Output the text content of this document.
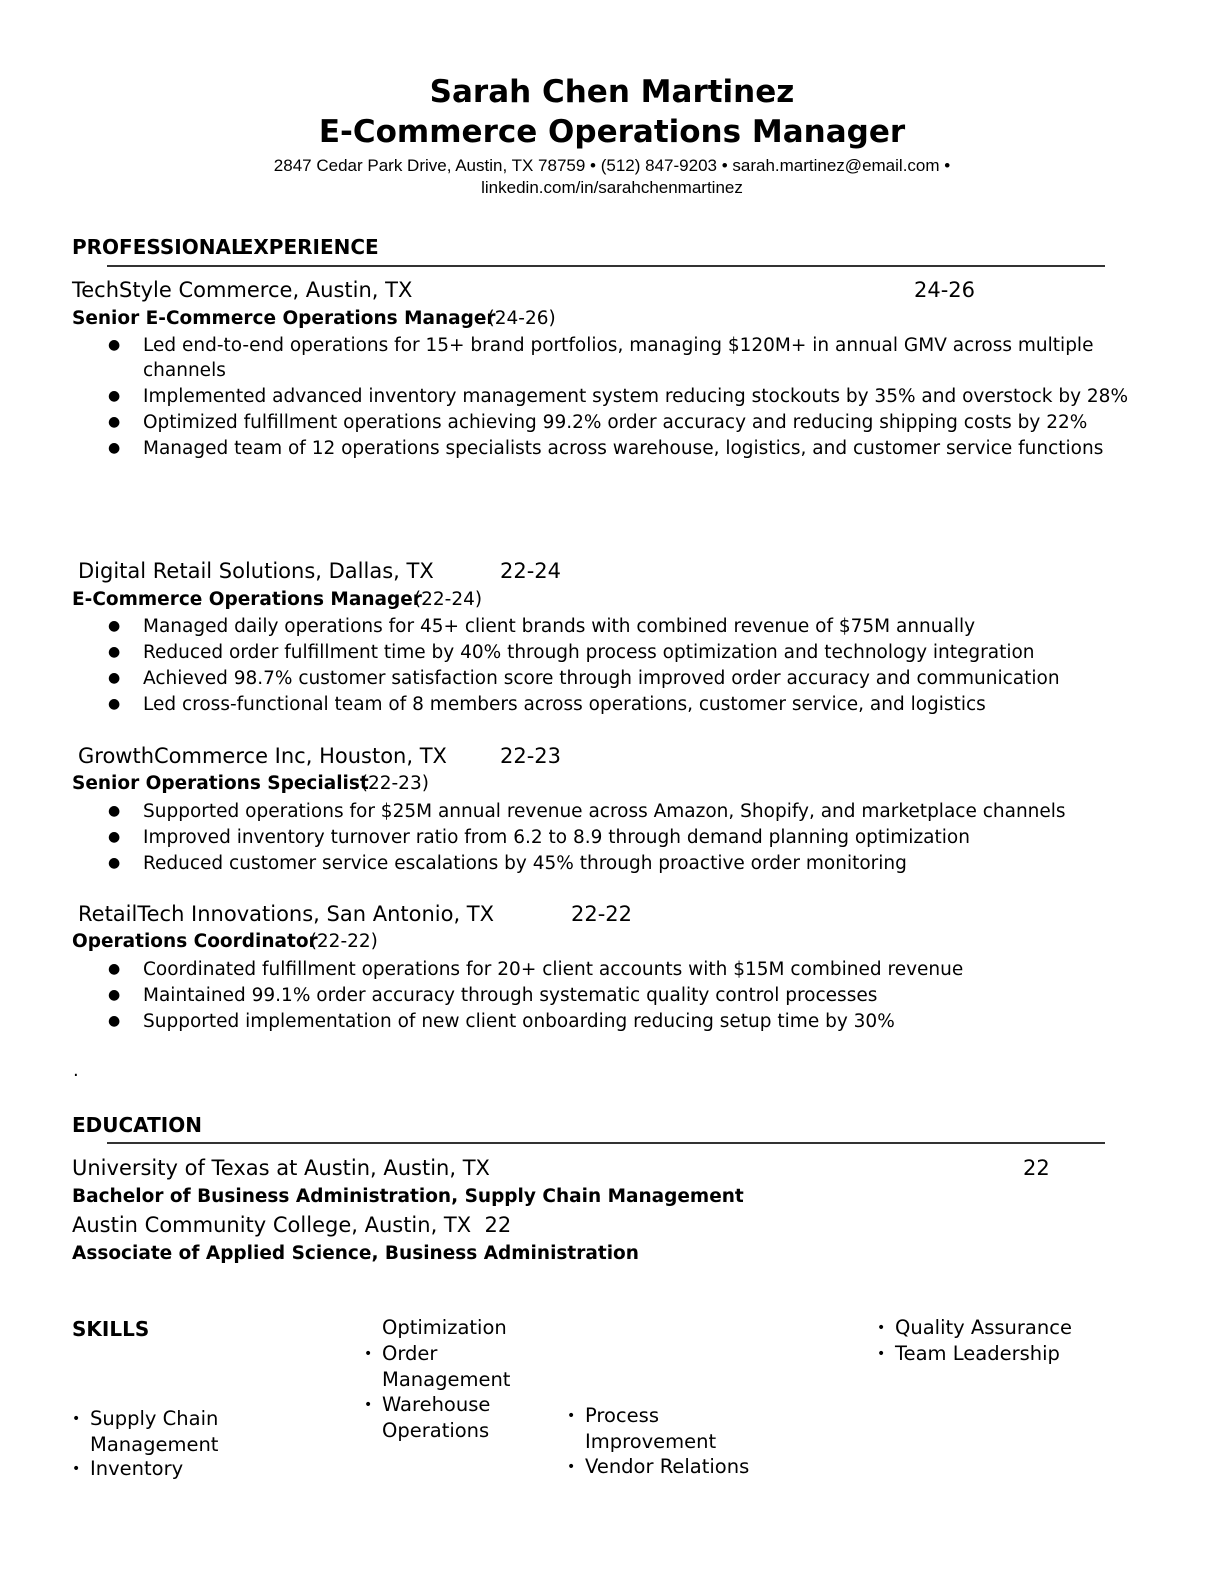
Sarah Chen Martinez
E-Commerce Operations Manager
2847 Cedar Park Drive, Austin, TX 78759 • (512) 847-9203 • sarah.martinez@email.com •
linkedin.com/in/sarahchenmartinez
PROFESSIONALEXPERIENCE
TechStyle Commerce, Austin, TX	24-26
Senior E-Commerce Operations Manager(24-26)
● Led end-to-end operations for 15+ brand portfolios, managing $120M+ in annual GMV across multiple channels
● Implemented advanced inventory management system reducing stockouts by 35% and overstock by 28%
● Optimized fulfillment operations achieving 99.2% order accuracy and reducing shipping costs by 22%
● Managed team of 12 operations specialists across warehouse, logistics, and customer service functions
Digital Retail Solutions, Dallas, TX	22-24
E-Commerce Operations Manager(22-24)
● Managed daily operations for 45+ client brands with combined revenue of $75M annually
● Reduced order fulfillment time by 40% through process optimization and technology integration
● Achieved 98.7% customer satisfaction score through improved order accuracy and communication
● Led cross-functional team of 8 members across operations, customer service, and logistics
GrowthCommerce Inc, Houston, TX	22-23
Senior Operations Specialist(22-23)
● Supported operations for $25M annual revenue across Amazon, Shopify, and marketplace channels
● Improved inventory turnover ratio from 6.2 to 8.9 through demand planning optimization
● Reduced customer service escalations by 45% through proactive order monitoring
RetailTech Innovations, San Antonio, TX	22-22
Operations Coordinator(22-22)
● Coordinated fulfillment operations for 20+ client accounts with $15M combined revenue
● Maintained 99.1% order accuracy through systematic quality control processes
● Supported implementation of new client onboarding reducing setup time by 30%
.
EDUCATION
University of Texas at Austin, Austin, TX	22
Bachelor of Business Administration, Supply Chain Management
Austin Community College, Austin, TX 22
Associate of Applied Science, Business Administration
SKILLS
• Supply Chain
Management
• Inventory
Optimization
• Order
Management
• Warehouse
Operations
• Process
Improvement
• Vendor Relations
• Quality Assurance
• Team Leadership
